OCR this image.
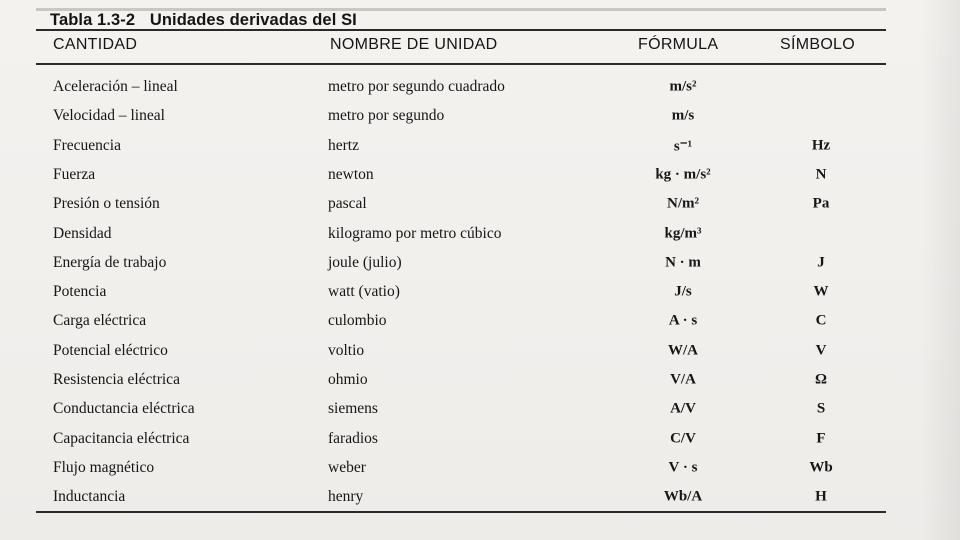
Tabla 1.3-2 Unidades derivadas del SI
CANTIDAD	NOMBRE DE UNIDAD	FÓRMULA	SÍMBOLO
Aceleración – lineal	metro por segundo cuadrado	m/s²
Velocidad – lineal	metro por segundo	m/s
Frecuencia	hertz	s⁻¹	Hz
Fuerza	newton	kg · m/s²	N
Presión o tensión	pascal	N/m²	Pa
Densidad	kilogramo por metro cúbico	kg/m³
Energía de trabajo	joule (julio)	N · m	J
Potencia	watt (vatio)	J/s	W
Carga eléctrica	culombio	A · s	C
Potencial eléctrico	voltio	W/A	V
Resistencia eléctrica	ohmio	V/A	Ω
Conductancia eléctrica	siemens	A/V	S
Capacitancia eléctrica	faradios	C/V	F
Flujo magnético	weber	V · s	Wb
Inductancia	henry	Wb/A	H
